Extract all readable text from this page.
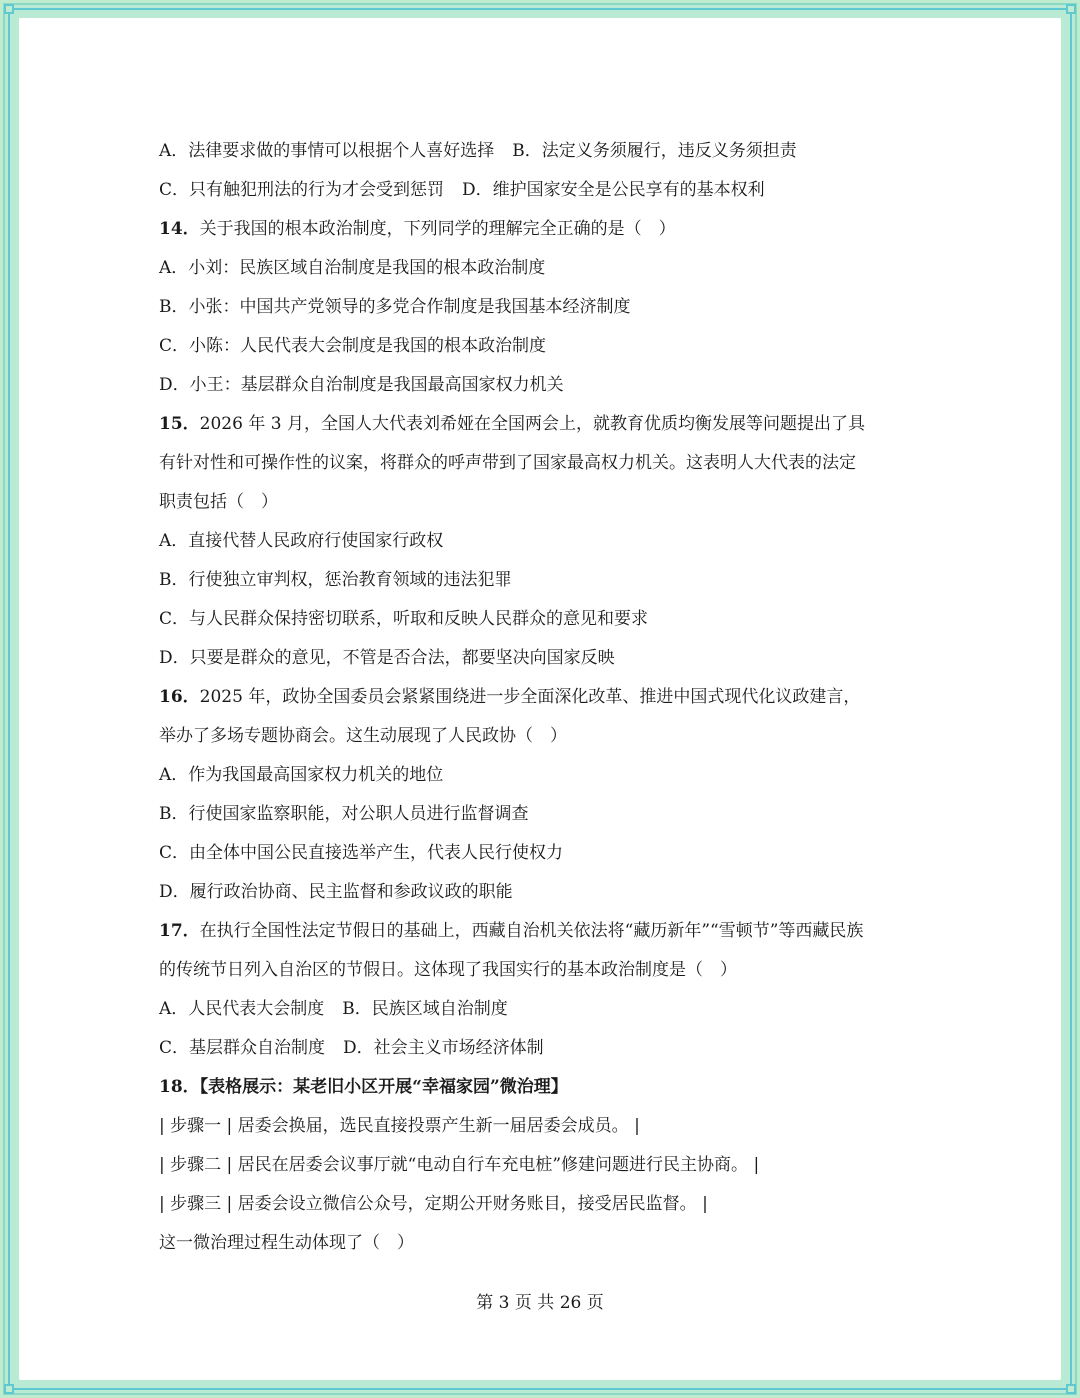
A．法律要求做的事情可以根据个人喜好选择 B．法定义务须履行，违反义务须担责
C．只有触犯刑法的行为才会受到惩罚 D．维护国家安全是公民享有的基本权利
14．关于我国的根本政治制度，下列同学的理解完全正确的是（　）
A．小刘：民族区域自治制度是我国的根本政治制度
B．小张：中国共产党领导的多党合作制度是我国基本经济制度
C．小陈：人民代表大会制度是我国的根本政治制度
D．小王：基层群众自治制度是我国最高国家权力机关
15．2026 年 3 月，全国人大代表刘希娅在全国两会上，就教育优质均衡发展等问题提出了具
有针对性和可操作性的议案，将群众的呼声带到了国家最高权力机关。这表明人大代表的法定
职责包括（　）
A．直接代替人民政府行使国家行政权
B．行使独立审判权，惩治教育领域的违法犯罪
C．与人民群众保持密切联系，听取和反映人民群众的意见和要求
D．只要是群众的意见，不管是否合法，都要坚决向国家反映
16．2025 年，政协全国委员会紧紧围绕进一步全面深化改革、推进中国式现代化议政建言，
举办了多场专题协商会。这生动展现了人民政协（　）
A．作为我国最高国家权力机关的地位
B．行使国家监察职能，对公职人员进行监督调查
C．由全体中国公民直接选举产生，代表人民行使权力
D．履行政治协商、民主监督和参政议政的职能
17．在执行全国性法定节假日的基础上，西藏自治机关依法将“藏历新年”“雪顿节”等西藏民族
的传统节日列入自治区的节假日。这体现了我国实行的基本政治制度是（　）
A．人民代表大会制度 B．民族区域自治制度
C．基层群众自治制度 D．社会主义市场经济体制
18．【表格展示：某老旧小区开展“幸福家园”微治理】
| 步骤一 | 居委会换届，选民直接投票产生新一届居委会成员。 |
| 步骤二 | 居民在居委会议事厅就“电动自行车充电桩”修建问题进行民主协商。 |
| 步骤三 | 居委会设立微信公众号，定期公开财务账目，接受居民监督。 |
这一微治理过程生动体现了（　）
第 3 页 共 26 页
